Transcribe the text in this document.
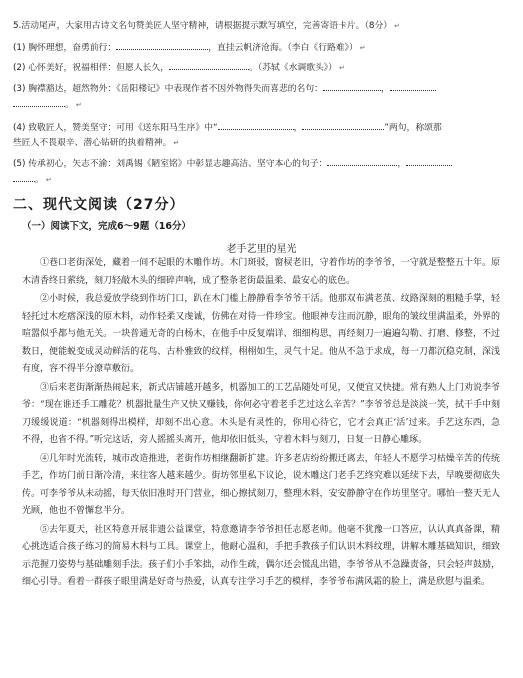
5.活动尾声，大家用古诗文名句赞美匠人坚守精神，请根据提示默写填空，完善寄语卡片。（8分） ↵
(1) 胸怀理想，奋勇前行：	，直挂云帆济沧海。（李白《行路难》） ↵
(2) 心怀美好，祝福相伴：但愿人长久，	。（苏轼《水调歌头》） ↵
(3) 胸襟豁达，超然物外：《岳阳楼记》中表现作者不因外物得失而喜悲的名句：	，
。 ↵
(4) 致敬匠人，赞美坚守：可用《送东阳马生序》中“	，	”两句，称颂那
些匠人不畏艰辛、潜心钻研的执着精神。 ↵
(5) 传承初心，矢志不渝：刘禹锡《陋室铭》中彰显志趣高洁、坚守本心的句子：	，
。 ↵
二、现代文阅读（27分）
（一）阅读下文，完成6～9题（16分）
老手艺里的星光

①巷口老街深处，藏着一间不起眼的木雕作坊。木门斑驳，窗棂老旧，守着作坊的李爷爷，一守就是整整五十年。原木清香终日萦绕，刻刀轻敲木头的细碎声响，成了整条老街最温柔、最安心的底色。

②小时候，我总爱放学绕到作坊门口，趴在木门槛上静静看李爷爷干活。他那双布满老茧、纹路深刻的粗糙手掌，轻轻托过木疙瘩深浅的原木料，动作轻柔又虔诚，仿佛在对待一件珍宝。他眼神专注而沉静，眼角的皱纹里满温柔，外界的喧嚣似乎都与他无关。一块普通无奇的白杨木，在他手中反复端详、细细构思，再经刻刀一遍遍勾勒、打磨、修整，不过数日，便能蜕变成灵动鲜活的花鸟、古朴雅致的纹样，栩栩如生，灵气十足。他从不急于求成，每一刀都沉稳克制，深浅有度，容不得半分潦草敷衍。

③后来老街渐渐热闹起来，新式店铺越开越多，机器加工的工艺品随处可见，又便宜又快捷。常有熟人上门劝说李爷爷：“现在谁还手工雕花？机器批量生产又快又赚钱，你何必守着老手艺过这么辛苦？”李爷爷总是淡淡一笑，拭干手中刻刀缓缓说道：“机器刻得出模样，却刻不出心意。木头是有灵性的，你用心待它，它才会真正‘活’过来。手艺这东西，急不得，也省不得。”听完这话，旁人摇摇头离开，他却依旧低头，守着木料与刻刀，日复一日静心雕琢。

④几年时光流转，城市改造推进，老街作坊相继翻新扩建。许多老店纷纷搬迁离去，年轻人不愿学习枯燥辛苦的传统手艺，作坊门前日渐冷清，来往客人越来越少。街坊邻里私下议论，说木雕这门老手艺终究难以延续下去，早晚要彻底失传。可李爷爷从未动摇，每天依旧准时开门营业，细心擦拭刻刀，整理木料，安安静静守在作坊里坚守。哪怕一整天无人光顾，他也不曾懈怠半分。

⑤去年夏天，社区特意开展非遗公益课堂，特意邀请李爷爷担任志愿老师。他毫不犹豫一口答应，认认真真备课，精心挑选适合孩子练习的简易木料与工具。课堂上，他耐心温和，手把手教孩子们认识木料纹理，讲解木雕基础知识，细致示范握刀姿势与基础雕刻手法。孩子们小手笨拙，动作生疏，偶尔还会慌乱出错，李爷爷从不急躁责备，只会轻声鼓励，细心引导。看着一群孩子眼里满是好奇与热爱，认真专注学习手艺的模样，李爷爷布满风霜的脸上，满是欣慰与温柔。
